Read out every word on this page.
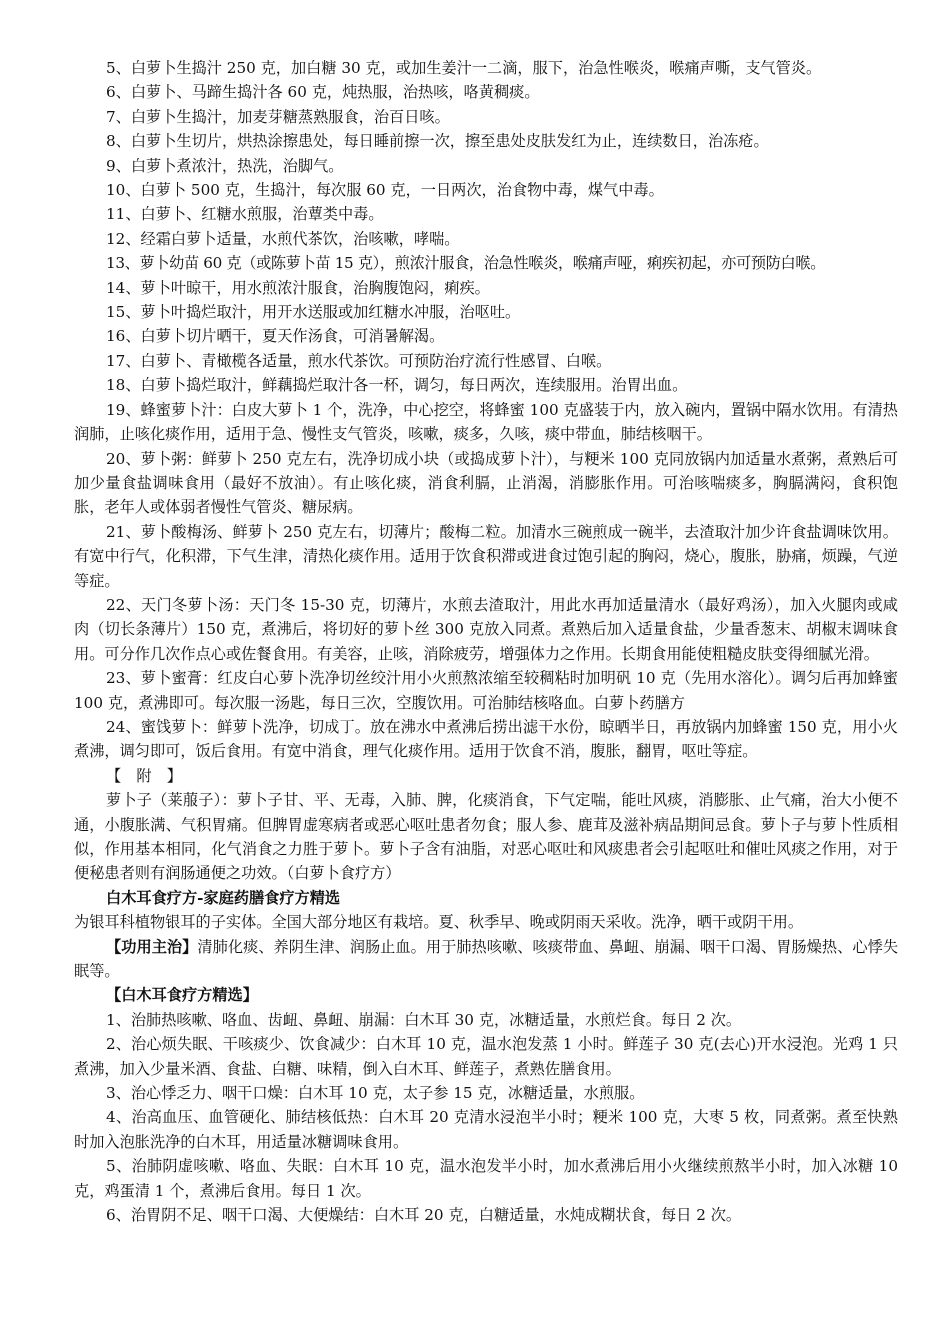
5、白萝卜生捣汁 250 克，加白糖 30 克，或加生姜汁一二滴，服下，治急性喉炎，喉痛声嘶，支气管炎。

6、白萝卜、马蹄生捣汁各 60 克，炖热服，治热咳，咯黄稠痰。

7、白萝卜生捣汁，加麦芽糖蒸熟服食，治百日咳。

8、白萝卜生切片，烘热涂擦患处，每日睡前擦一次，擦至患处皮肤发红为止，连续数日，治冻疮。

9、白萝卜煮浓汁，热洗，治脚气。

10、白萝卜 500 克，生捣汁，每次服 60 克，一日两次，治食物中毒，煤气中毒。

11、白萝卜、红糖水煎服，治蕈类中毒。

12、经霜白萝卜适量，水煎代茶饮，治咳嗽，哮喘。

13、萝卜幼苗 60 克（或陈萝卜苗 15 克），煎浓汁服食，治急性喉炎，喉痛声哑，痢疾初起，亦可预防白喉。

14、萝卜叶晾干，用水煎浓汁服食，治胸腹饱闷，痢疾。

15、萝卜叶捣烂取汁，用开水送服或加红糖水冲服，治呕吐。

16、白萝卜切片晒干，夏天作汤食，可消暑解渴。

17、白萝卜、青橄榄各适量，煎水代茶饮。可预防治疗流行性感冒、白喉。

18、白萝卜捣烂取汁，鲜藕捣烂取汁各一杯，调匀，每日两次，连续服用。治胃出血。

19、蜂蜜萝卜汁：白皮大萝卜 1 个，洗净，中心挖空，将蜂蜜 100 克盛装于内，放入碗内，置锅中隔水饮用。有清热润肺，止咳化痰作用，适用于急、慢性支气管炎，咳嗽，痰多，久咳，痰中带血，肺结核咽干。

20、萝卜粥：鲜萝卜 250 克左右，洗净切成小块（或捣成萝卜汁），与粳米 100 克同放锅内加适量水煮粥，煮熟后可加少量食盐调味食用（最好不放油）。有止咳化痰，消食利膈，止消渴，消膨胀作用。可治咳喘痰多，胸膈满闷，食积饱胀，老年人或体弱者慢性气管炎、糖尿病。

21、萝卜酸梅汤、鲜萝卜 250 克左右，切薄片；酸梅二粒。加清水三碗煎成一碗半，去渣取汁加少许食盐调味饮用。有宽中行气，化积滞，下气生津，清热化痰作用。适用于饮食积滞或进食过饱引起的胸闷，烧心，腹胀，胁痛，烦躁，气逆等症。

22、天门冬萝卜汤：天门冬 15-30 克，切薄片，水煎去渣取汁，用此水再加适量清水（最好鸡汤），加入火腿肉或咸肉（切长条薄片）150 克，煮沸后，将切好的萝卜丝 300 克放入同煮。煮熟后加入适量食盐，少量香葱末、胡椒末调味食用。可分作几次作点心或佐餐食用。有美容，止咳，消除疲劳，增强体力之作用。长期食用能使粗糙皮肤变得细腻光滑。

23、萝卜蜜膏：红皮白心萝卜洗净切丝绞汁用小火煎熬浓缩至较稠粘时加明矾 10 克（先用水溶化）。调匀后再加蜂蜜 100 克，煮沸即可。每次服一汤匙，每日三次，空腹饮用。可治肺结核咯血。白萝卜药膳方

24、蜜饯萝卜：鲜萝卜洗净，切成丁。放在沸水中煮沸后捞出滤干水份，晾晒半日，再放锅内加蜂蜜 150 克，用小火煮沸，调匀即可，饭后食用。有宽中消食，理气化痰作用。适用于饮食不消，腹胀，翻胃，呕吐等症。

【　附　】

萝卜子（莱菔子）：萝卜子甘、平、无毒，入肺、脾，化痰消食，下气定喘，能吐风痰，消膨胀、止气痛，治大小便不通，小腹胀满、气积胃痛。但脾胃虚寒病者或恶心呕吐患者勿食；服人参、鹿茸及滋补病品期间忌食。萝卜子与萝卜性质相似，作用基本相同，化气消食之力胜于萝卜。萝卜子含有油脂，对恶心呕吐和风痰患者会引起呕吐和催吐风痰之作用，对于便秘患者则有润肠通便之功效。（白萝卜食疗方）

白木耳食疗方-家庭药膳食疗方精选

为银耳科植物银耳的子实体。全国大部分地区有栽培。夏、秋季早、晚或阴雨天采收。洗净，晒干或阴干用。

【功用主治】清肺化痰、养阴生津、润肠止血。用于肺热咳嗽、咳痰带血、鼻衄、崩漏、咽干口渴、胃肠燥热、心悸失眠等。

【白木耳食疗方精选】

1、治肺热咳嗽、咯血、齿衄、鼻衄、崩漏：白木耳 30 克，冰糖适量，水煎烂食。每日 2 次。

2、治心烦失眠、干咳痰少、饮食减少：白木耳 10 克，温水泡发蒸 1 小时。鲜莲子 30 克(去心)开水浸泡。光鸡 1 只煮沸，加入少量米酒、食盐、白糖、味精，倒入白木耳、鲜莲子，煮熟佐膳食用。

3、治心悸乏力、咽干口燥：白木耳 10 克，太子参 15 克，冰糖适量，水煎服。

4、治高血压、血管硬化、肺结核低热：白木耳 20 克清水浸泡半小时；粳米 100 克，大枣 5 枚，同煮粥。煮至快熟时加入泡胀洗净的白木耳，用适量冰糖调味食用。

5、治肺阴虚咳嗽、咯血、失眠：白木耳 10 克，温水泡发半小时，加水煮沸后用小火继续煎熬半小时，加入冰糖 10 克，鸡蛋清 1 个，煮沸后食用。每日 1 次。

6、治胃阴不足、咽干口渴、大便燥结：白木耳 20 克，白糖适量，水炖成糊状食，每日 2 次。
